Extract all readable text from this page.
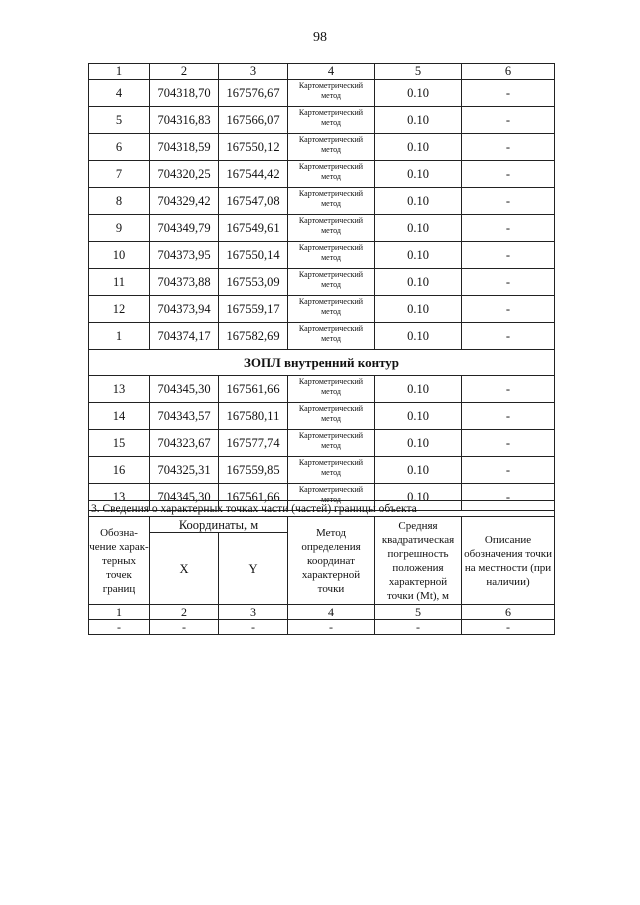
98
1	2	3	4	5	6
4	704318,70	167576,67	Картометрический метод	0.10	-
5	704316,83	167566,07	Картометрический метод	0.10	-
6	704318,59	167550,12	Картометрический метод	0.10	-
7	704320,25	167544,42	Картометрический метод	0.10	-
8	704329,42	167547,08	Картометрический метод	0.10	-
9	704349,79	167549,61	Картометрический метод	0.10	-
10	704373,95	167550,14	Картометрический метод	0.10	-
11	704373,88	167553,09	Картометрический метод	0.10	-
12	704373,94	167559,17	Картометрический метод	0.10	-
1	704374,17	167582,69	Картометрический метод	0.10	-
ЗОПЛ внутренний контур					
13	704345,30	167561,66	Картометрический метод	0.10	-
14	704343,57	167580,11	Картометрический метод	0.10	-
15	704323,67	167577,74	Картометрический метод	0.10	-
16	704325,31	167559,85	Картометрический метод	0.10	-
13	704345,30	167561,66	Картометрический метод	0.10	-
3. Сведения о характерных точках части (частей) границы объекта					
Обозна-чение харак-терных точек границ	Координаты, м		Метод определения координат характерной точки	Средняя квадратическая погрешность положения характерной точки (Mt), м	Описание обозначения точки на местности (при наличии)
	X	Y			
1	2	3	4	5	6
-	-	-	-	-	-
